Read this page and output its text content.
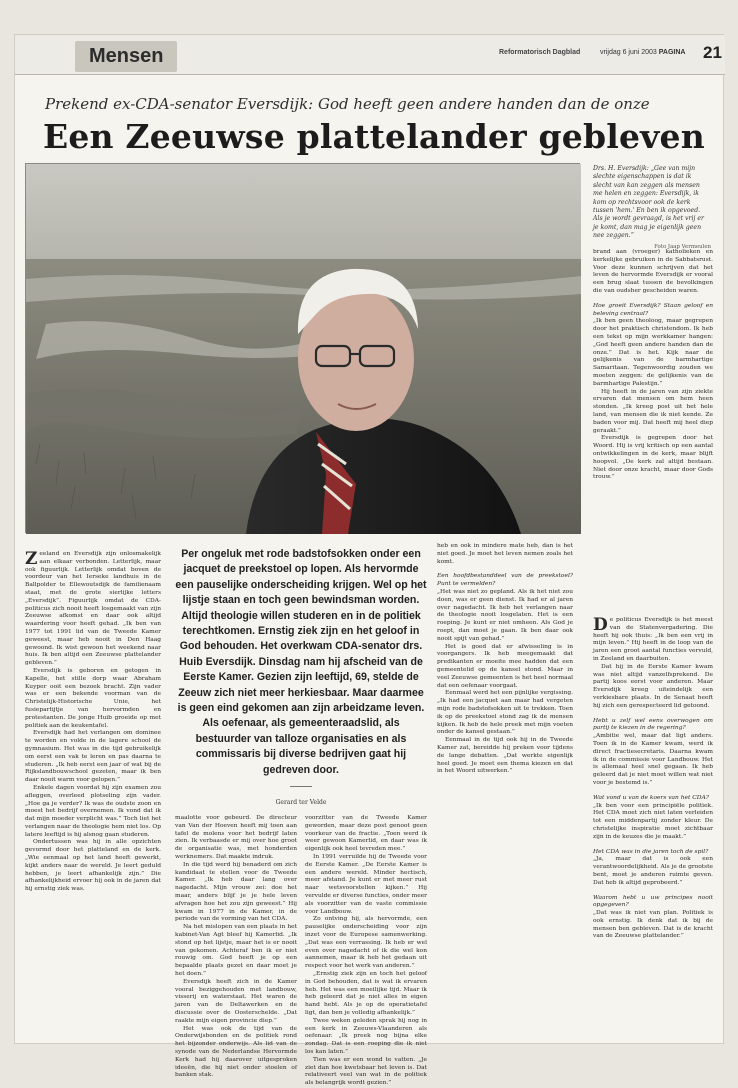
Mensen	Reformatorisch Dagblad	vrijdag 6 juni 2003 PAGINA 21
Prekend ex-CDA-senator Eversdijk: God heeft geen andere handen dan de onze
Een Zeeuwse plattelander gebleven
Drs. H. Eversdijk: „Gee van mijn slechte eigenschappen is dat ik slecht van kan zeggen als mensen me helen en zeggen: Eversdijk, ik kom op rechtsvoor ook de kerk tussen 'hem.' En ben ik opgevoed. Als je wordt gevraagd, is het vrij er je komt, dan mag je eigenlijk geen nee zeggen.”
Foto Jaap Vermeulen
Per ongeluk met rode badstofsokken onder een jacquet de preekstoel op lopen. Als hervormde een pauselijke onderscheiding krijgen. Wel op het lijstje staan en toch geen bewindsman worden. Altijd theologie willen studeren en in de politiek terechtkomen. Ernstig ziek zijn en het geloof in God behouden. Het overkwam CDA-senator drs. Huib Eversdijk. Dinsdag nam hij afscheid van de Eerste Kamer. Gezien zijn leeftijd, 69, stelde de Zeeuw zich niet meer herkiesbaar. Maar daarmee is geen eind gekomen aan zijn arbeidzame leven. Als oefenaar, als gemeenteraadslid, als bestuurder van talloze organisaties en als commissaris bij diverse bedrijven gaat hij gedreven door.
Gerard ter Velde

Zeeland en Eversdijk zijn onlosmakelijk aan elkaar verbonden. Letterlijk, maar ook figuurlijk. Letterlijk omdat boven de voordeur van het Ierseke landhuis in de Ballpolder te Ellewoutsdijk de familienaam staat, met de grote sierlijke letters „Eversdijk”. Figuurlijk omdat de CDA-politicus zich nooit heeft losgemaakt van zijn Zeeuwse afkomst en daar ook altijd waardering voor heeft gehad. „Ik ben van 1977 tot 1991 lid van de Tweede Kamer geweest, maar heb nooit in Den Haag gewoond. Ik wist gewoon het weekend naar huis. Ik ben altijd een Zeeuwse plattelander gebleven.”

Eversdijk is geboren en getogen in Kapelle, het stille dorp waar Abraham Kuyper ooit een bezoek bracht. Zijn vader was er een bekende voorman van de Christelijk-Historische Unie, het fusiepartijtje van hervormden en protestanten. De jonge Huib groeide op met politiek aan de keukentafel.

Eversdijk had het verlangen om dominee te worden en volde in de lagere school de gymnasium. Het was in die tijd gebruikelijk om eerst een vak te leren en pas daarna te studeren. „Ik heb eerst een jaar of wat bij de Rijkslandbouwschool gezeten, maar ik ben daar nooit warm voor gelopen.”

Enkele dagen voordat hij zijn examen zou afleggen, overleed plotseling zijn vader. „Hoe ga je verder? Ik was de oudste zoon en moest het bedrijf overnemen. Ik vond dat ik dat mijn moeder verplicht was.” Toch liet het verlangen naar de theologie hem niet los. Op latere leeftijd is hij alsnog gaan studeren.

Ondertussen was hij in alle opzichten gevormd door het platteland en de kerk. „Wie eenmaal op het land heeft gewerkt, kijkt anders naar de wereld. Je leert geduld hebben, je leert afhankelijk zijn.” Die afhankelijkheid ervoer hij ook in de jaren dat hij ernstig ziek was.

maalotte voor gebeurd. De directeur van Van der Hoeven heeft mij toen aan tafel de molens voor het bedrijf laten zien. Ik verbaasde er mij over hoe groot de organisatie was, met honderden werknemers. Dat maakte indruk.

In die tijd werd hij benaderd om zich kandidaat te stellen voor de Tweede Kamer. „Ik heb daar lang over nagedacht. Mijn vrouw zei: doe het maar, anders blijf je je hele leven afvragen hoe het zou zijn geweest.” Hij kwam in 1977 in de Kamer, in de periode van de vorming van het CDA.

Na het mislopen van een plaats in het kabinet-Van Agt bleef hij Kamerlid. „Ik stond op het lijstje, maar het is er nooit van gekomen. Achteraf ben ik er niet rouwig om. God heeft je op een bepaalde plaats gezet en daar moet je het doen.”

Eversdijk heeft zich in de Kamer vooral beziggehouden met landbouw, visserij en waterstaat. Het waren de jaren van de Deltawerken en de discussie over de Oosterschelde. „Dat raakte mijn eigen provincie diep.”

Het was ook de tijd van de Onderwijsbonden en de politiek rond het bijzonder onderwijs. Als lid van de synode van de Nederlandse Hervormde Kerk had hij daarover uitgesproken ideeën, die hij niet onder stoelen of banken stak.

voorzitter van de Tweede Kamer geworden, maar deze post genoot geen voorkeur van de fractie. „Toen werd ik weer gewoon Kamerlid, en daar was ik eigenlijk ook heel tevreden mee.”

In 1991 verruilde hij de Tweede voor de Eerste Kamer. „De Eerste Kamer is een andere wereld. Minder hectisch, meer afstand. Je kunt er met meer rust naar wetsvoorstellen kijken.” Hij vervulde er diverse functies, onder meer als voorzitter van de vaste commissie voor Landbouw.

Zo ontving hij, als hervormde, een pauselijke onderscheiding voor zijn inzet voor de Europese samenwerking. „Dat was een verrassing. Ik heb er wel even over nagedacht of ik die wel kon aannemen, maar ik heb het gedaan uit respect voor het werk van anderen.”

„Ernstig ziek zijn en toch het geloof in God behouden, dat is wat ik ervaren heb. Het was een moeilijke tijd. Maar ik heb geleerd dat je niet alles in eigen hand hebt. Als je op de operatietafel ligt, dan ben je volledig afhankelijk.”

Twee weken geleden sprak hij nog in een kerk in Zeeuws-Vlaanderen als oefenaar. „Ik preek nog bijna elke zondag. Dat is een roeping die ik niet los kan laten.”

Tien was er een wond te vatten. „Je ziet dan hoe kwetsbaar het leven is. Dat relativeert veel van wat in de politiek als belangrijk wordt gezien.”

heb en ook in mindere mate heb, dan is het niet goed. Je moet het leven nemen zoals het komt.

Een hoofdbestanddeel van de preekstoel? Punt te vermelden?

„Het was niet zo gepland. Als ik het niet zou doen, was er geen dienst. Ik had er al jaren over nagedacht. Ik heb het verlangen naar de theologie nooit losgelaten. Het is een roeping. Je kunt er niet omheen. Als God je roept, dan moet je gaan. Ik ben daar ook nooit spijt van gehad.”

Het is goed dat er afwisseling is in voorgangers. Ik heb meegemaakt dat predikanten er moeite mee hadden dat een gemeentelid op de kansel stond. Maar in veel Zeeuwse gemeenten is het heel normaal dat een oefenaar voorgaat.

Eenmaal werd het een pijnlijke vergissing. „Ik had een jacquet aan maar had vergeten mijn rode badstofsokken uit te trekken. Toen ik op de preekstoel stond zag ik de mensen kijken. Ik heb de hele preek met mijn voeten onder de kansel gestaan.”

Eenmaal in de tijd ook hij in de Tweede Kamer zat, bereidde hij preken voor tijdens de lange debatten. „Dat werkte eigenlijk heel goed. Je moet een thema kiezen en dat in het Woord uitwerken.”

brand aan (vroeger) katholieken en kerkelijke gebruiken in de Sabbatsrust. Voor deze kunnen schrijven dat het leven de hervormde Eversdijk er vooral een brug slaat tussen de bevolkingen die van oudsher gescheiden waren.

Hoe groeit Eversdijk? Staan geloof en beleving centraal?

„Ik ben geen theoloog, maar gegrepen door het praktisch christendom. Ik heb een tekst op mijn werkkamer hangen: „God heeft geen andere handen dan de onze.” Dat is het. Kijk naar de gelijkenis van de barmhartige Samaritaan. Tegenwoordig zouden we moeten zeggen: de gelijkenis van de barmhartige Palestijn.”

Hij heeft in de jaren van zijn ziekte ervaren dat mensen om hem heen stonden. „Ik kreeg post uit het hele land, van mensen die ik niet kende. Ze baden voor mij. Dat heeft mij heel diep geraakt.”

Eversdijk is gegrepen door het Woord. Hij is vrij kritisch op een aantal ontwikkelingen in de kerk, maar blijft hoopvol. „De kerk zal altijd bestaan. Niet door onze kracht, maar door Gods trouw.”

De politicus Eversdijk is het meest van de Statenvergadering. Die heeft hij ook thuis: „Ik ben een vrij in mijn leven.” Hij heeft in de loop van de jaren een groot aantal functies vervuld, in Zeeland en daarbuiten.

Dat hij in de Eerste Kamer kwam was niet altijd vanzelfsprekend. De partij koos eerst voor anderen. Maar Eversdijk kreeg uiteindelijk een verkiesbare plaats. In de Senaat heeft hij zich een gerespecteerd lid getoond.

Hebt u zelf wel eens overwogen om partij te kiezen in de regering?

„Ambitie wel, maar dat ligt anders. Toen ik in de Kamer kwam, werd ik direct fractiesecretaris. Daarna kwam ik in de commissie voor Landbouw. Het is allemaal heel snel gegaan. Ik heb geleerd dat je niet moet willen wat niet voor je bestemd is.”

Wat vond u van de koers van het CDA?

„Ik ben voor een principiële politiek. Het CDA moet zich niet laten verleiden tot een middenpartij zonder kleur. De christelijke inspiratie moet zichtbaar zijn in de keuzes die je maakt.”

Het CDA was in die jaren toch de spil?

„Ja, maar dat is ook een verantwoordelijkheid. Als je de grootste bent, moet je anderen ruimte geven. Dat heb ik altijd geprobeerd.”

Waarom hebt u uw principes nooit opgegeven?

„Dat was ik niet van plan. Politiek is ook ernstig. Ik denk dat ik bij de mensen ben gebleven. Dat is de kracht van de Zeeuwse plattelander.”
